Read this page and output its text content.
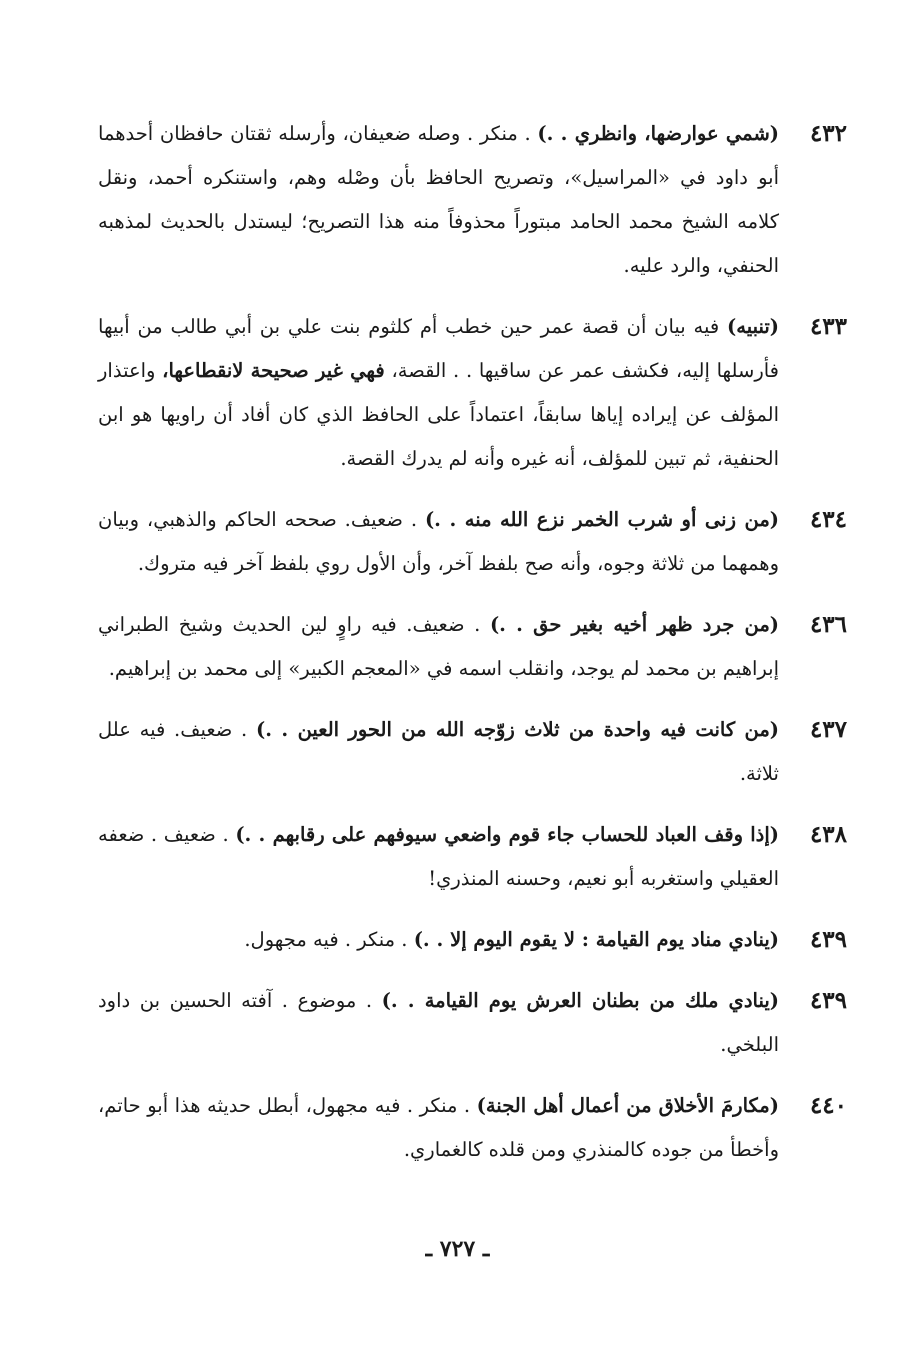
٤٣٢
(شمي عوارضها، وانظري . .) . منكر . وصله ضعيفان، وأرسله ثقتان حافظان أحدهما أبو داود في «المراسيل»، وتصريح الحافظ بأن وصْله وهم، واستنكره أحمد، ونقل كلامه الشيخ محمد الحامد مبتوراً محذوفاً منه هذا التصريح؛ ليستدل بالحديث لمذهبه الحنفي، والرد عليه.
٤٣٣
(تنبيه) فيه بيان أن قصة عمر حين خطب أم كلثوم بنت علي بن أبي طالب من أبيها فأرسلها إليه، فكشف عمر عن ساقيها . . القصة، فهي غير صحيحة لانقطاعها، واعتذار المؤلف عن إيراده إياها سابقاً، اعتماداً على الحافظ الذي كان أفاد أن راويها هو ابن الحنفية، ثم تبين للمؤلف، أنه غيره وأنه لم يدرك القصة.
٤٣٤
(من زنى أو شرب الخمر نزع الله منه . .) . ضعيف. صححه الحاكم والذهبي، وبيان وهمهما من ثلاثة وجوه، وأنه صح بلفظ آخر، وأن الأول روي بلفظ آخر فيه متروك.
٤٣٦
(من جرد ظهر أخيه بغير حق . .) . ضعيف. فيه راوٍ لين الحديث وشيخ الطبراني إبراهيم بن محمد لم يوجد، وانقلب اسمه في «المعجم الكبير» إلى محمد بن إبراهيم.
٤٣٧
(من كانت فيه واحدة من ثلاث زوّجه الله من الحور العين . .) . ضعيف. فيه علل ثلاثة.
٤٣٨
(إذا وقف العباد للحساب جاء قوم واضعي سيوفهم على رقابهم . .) . ضعيف . ضعفه العقيلي واستغربه أبو نعيم، وحسنه المنذري!
٤٣٩
(ينادي مناد يوم القيامة : لا يقوم اليوم إلا . .) . منكر . فيه مجهول.
٤٣٩
(ينادي ملك من بطنان العرش يوم القيامة . .) . موضوع . آفته الحسين بن داود البلخي.
٤٤٠
(مكارمَ الأخلاق من أعمال أهل الجنة) . منكر . فيه مجهول، أبطل حديثه هذا أبو حاتم، وأخطأ من جوده كالمنذري ومن قلده كالغماري.
ـ ٧٢٧ ـ
